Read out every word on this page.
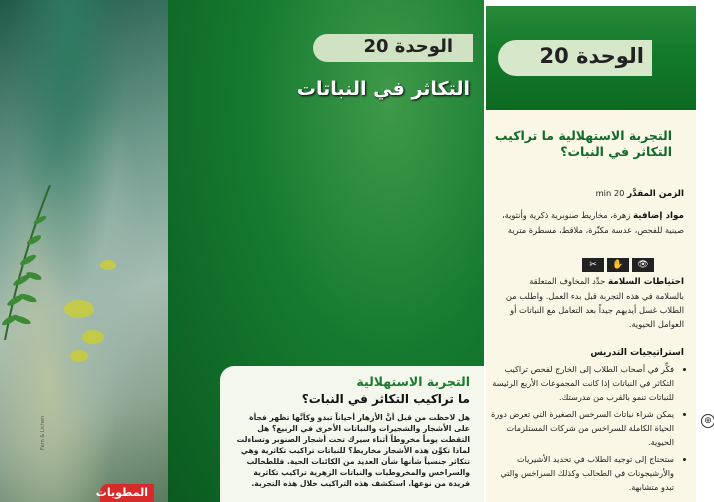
Fern & Lichen
المطويات
الوحدة 20
التكاثر في النباتات
التجربة الاستهلالية
ما تراكيب التكاثر في النبات؟
هل لاحظت من قبل أنَّ الأزهار أحياناً تبدو وكأنَّها تظهر فجأة على الأشجار والشجيرات والنباتات الأخرى في الربيع؟ هل التقطت يوماً مخروطاً أثناء سيرك تحت أشجار الصنوبر وتساءلت لماذا تكوِّن هذه الأشجار مخاريط؟ للنباتات تراكيب تكاثرية وهي تتكاثر جنسياً شأنها شأن العديد من الكائنات الحية. فللطحالب والسراخس والمخروطيات والنباتات الزهرية تراكيب تكاثرية فريدة من نوعها. استكشف هذه التراكيب خلال هذه التجربة.
الوحدة 20
التجربة الاستهلالية ما تراكيب التكاثر في النبات؟
الزمن المقدَّر 20 min
مواد إضافية زهرة، مخاريط صنوبرية ذكرية وأنثوية، صينية للفحص، عدسة مكبِّرة، ملاقط، مسطرة مترية
✂	✋	👁
احتياطات السلامة حدِّد المخاوف المتعلقة بالسلامة في هذه التجربة قبل بدء العمل. واطلب من الطلاب غسل أيديهم جيداً بعد التعامل مع النباتات أو العوامل الحيوية.
استراتيجيات التدريس
• فكِّر في أصحاب الطلاب إلى الخارج لفحص تراكيب التكاثر في النباتات إذا كانت المجموعات الأربع الرئيسة للنباتات تنمو بالقرب من مدرستك.
• يمكن شراء نباتات السرخس الصغيرة التي تعرض دورة الحياة الكاملة للسراخس من شركات المستلزمات الحيوية.
• ستحتاج إلى توجيه الطلاب في تحديد الأشيريات والأرشيجونات في الطحالب وكذلك السراخس والتي تبدو متشابهة.
⊕
